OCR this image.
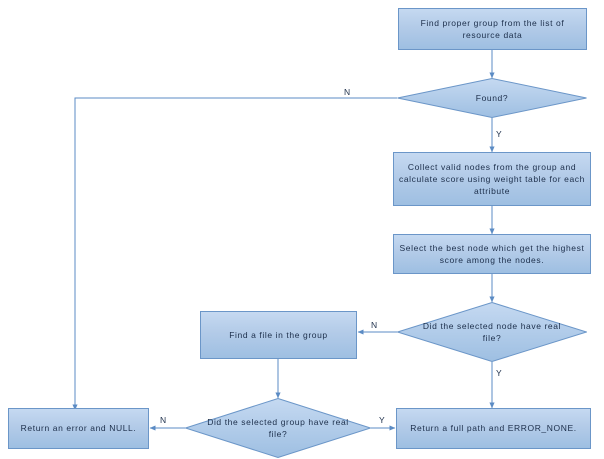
Find proper group from the list of resource data
Collect valid nodes from the group and calculate score using weight table for each attribute
Select the best node which get the highest score among the nodes.
Find a file in the group
Return an error and NULL.	Return a full path and ERROR_NONE.
Found?
Did the selected node have real file?
Did the selected group have real file?
N
Y
N
Y
N	Y
